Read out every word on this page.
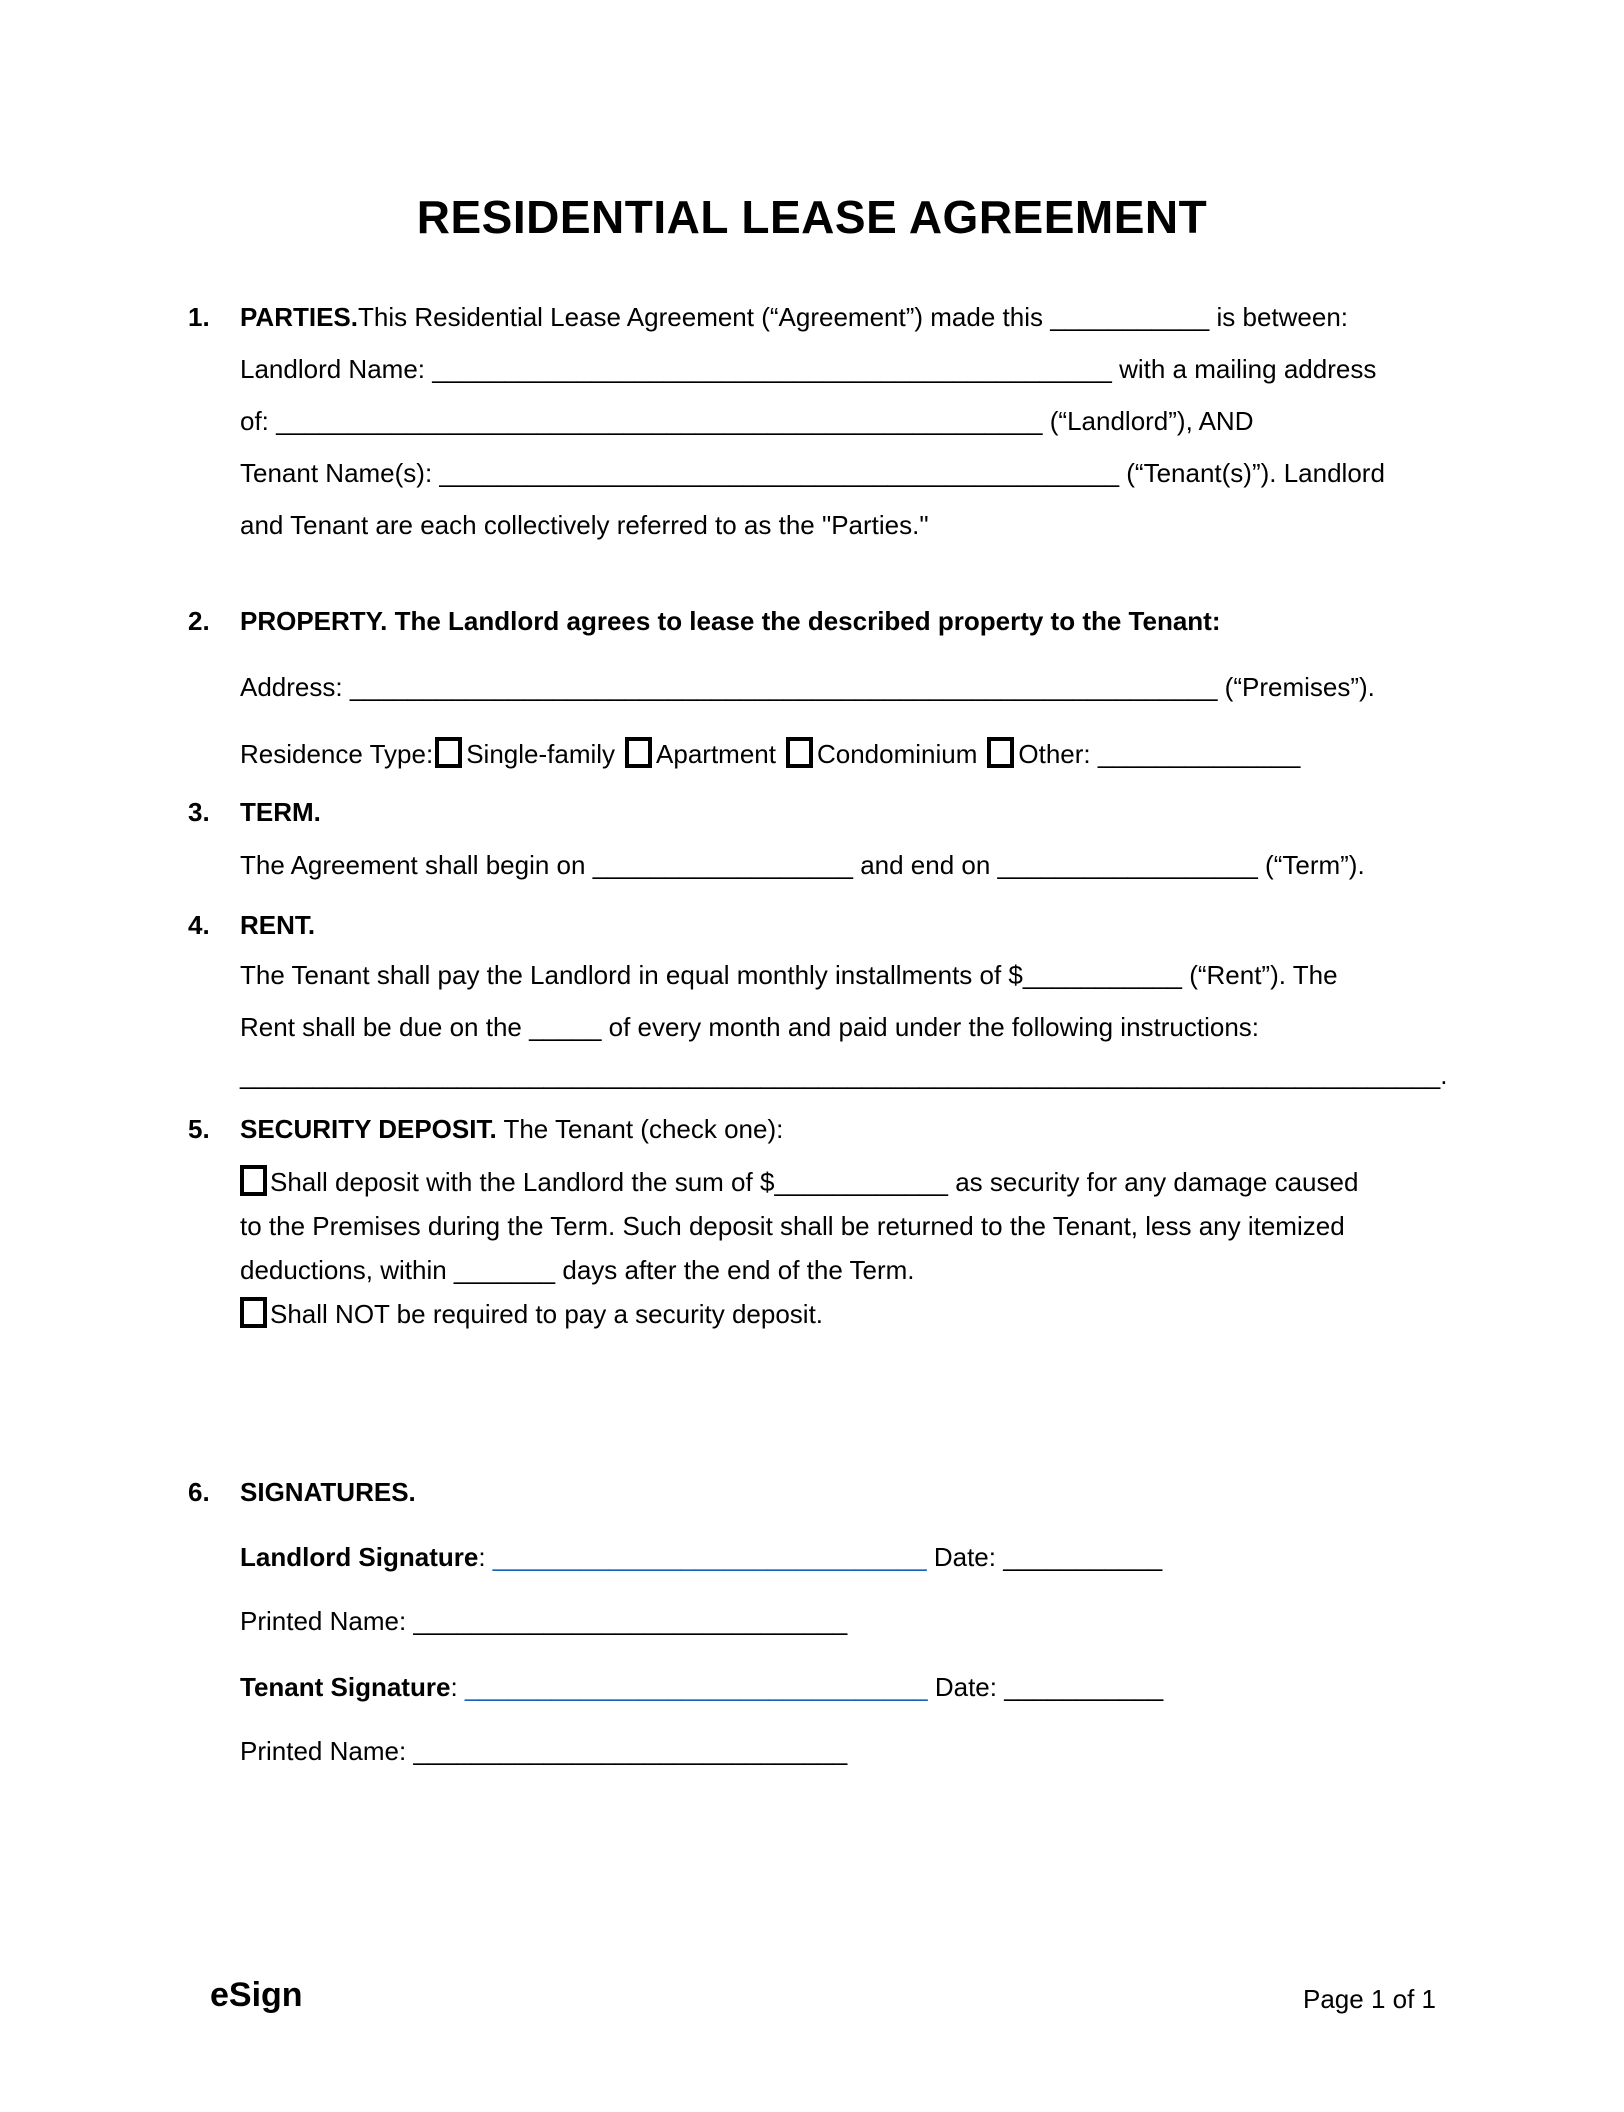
RESIDENTIAL LEASE AGREEMENT
1. PARTIES.This Residential Lease Agreement (“Agreement”) made this ___________ is between:
Landlord Name: _______________________________________________ with a mailing address
of: _____________________________________________________ (“Landlord”), AND
Tenant Name(s): _______________________________________________ (“Tenant(s)”). Landlord
and Tenant are each collectively referred to as the "Parties."
2. PROPERTY. The Landlord agrees to lease the described property to the Tenant:
Address: ____________________________________________________________ (“Premises”).
Residence Type: Single-family Apartment Condominium Other: ______________
3. TERM.
The Agreement shall begin on __________________ and end on __________________ (“Term”).
4. RENT.
The Tenant shall pay the Landlord in equal monthly installments of $___________ (“Rent”). The
Rent shall be due on the _____ of every month and paid under the following instructions:
___________________________________________________________________________________.
5. SECURITY DEPOSIT. The Tenant (check one):
Shall deposit with the Landlord the sum of $____________ as security for any damage caused
to the Premises during the Term. Such deposit shall be returned to the Tenant, less any itemized
deductions, within _______ days after the end of the Term.
Shall NOT be required to pay a security deposit.
6. SIGNATURES.
Landlord Signature: ______________________________ Date: ___________
Printed Name: ______________________________
Tenant Signature: ________________________________ Date: ___________
Printed Name: ______________________________
eSign	Page 1 of 1
